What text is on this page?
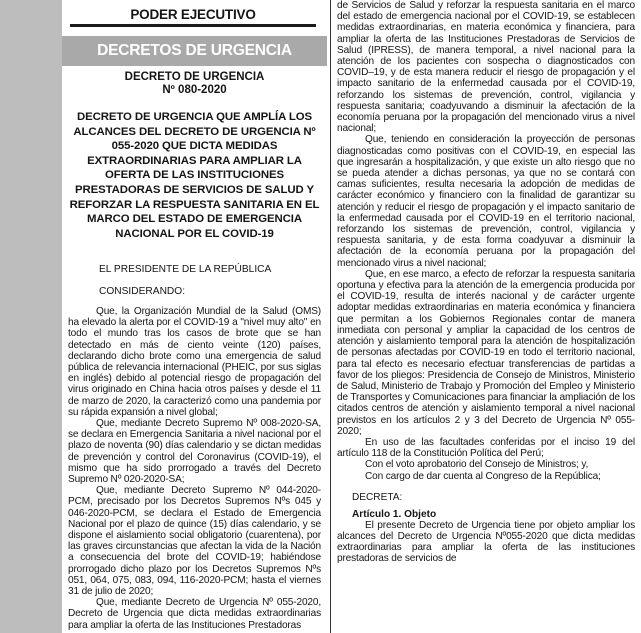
PODER EJECUTIVO
DECRETOS DE URGENCIA
DECRETO DE URGENCIA
Nº 080-2020
DECRETO DE URGENCIA QUE AMPLÍA LOS ALCANCES DEL DECRETO DE URGENCIA Nº 055-2020 QUE DICTA MEDIDAS EXTRAORDINARIAS PARA AMPLIAR LA OFERTA DE LAS INSTITUCIONES PRESTADORAS DE SERVICIOS DE SALUD Y REFORZAR LA RESPUESTA SANITARIA EN EL MARCO DEL ESTADO DE EMERGENCIA NACIONAL POR EL COVID-19
EL PRESIDENTE DE LA REPÚBLICA
CONSIDERANDO:

Que, la Organización Mundial de la Salud (OMS) ha elevado la alerta por el COVID-19 a "nivel muy alto" en todo el mundo tras los casos de brote que se han detectado en más de ciento veinte (120) países, declarando dicho brote como una emergencia de salud pública de relevancia internacional (PHEIC, por sus siglas en inglés) debido al potencial riesgo de propagación del virus originado en China hacia otros países y desde el 11 de marzo de 2020, la caracterizó como una pandemia por su rápida expansión a nivel global;

Que, mediante Decreto Supremo Nº 008-2020-SA, se declara en Emergencia Sanitaria a nivel nacional por el plazo de noventa (90) días calendario y se dictan medidas de prevención y control del Coronavirus (COVID-19), el mismo que ha sido prorrogado a través del Decreto Supremo Nº 020-2020-SA;

Que, mediante Decreto Supremo Nº 044-2020-PCM, precisado por los Decretos Supremos Nºs 045 y 046-2020-PCM, se declara el Estado de Emergencia Nacional por el plazo de quince (15) días calendario, y se dispone el aislamiento social obligatorio (cuarentena), por las graves circunstancias que afectan la vida de la Nación a consecuencia del brote del COVID-19; habiéndose prorrogado dicho plazo por los Decretos Supremos Nºs 051, 064, 075, 083, 094, 116-2020-PCM; hasta el viernes 31 de julio de 2020;

Que, mediante Decreto de Urgencia Nº 055-2020, Decreto de Urgencia que dicta medidas extraordinarias para ampliar la oferta de las Instituciones Prestadoras

de Servicios de Salud y reforzar la respuesta sanitaria en el marco del estado de emergencia nacional por el COVID-19, se establecen medidas extraordinarias, en materia económica y financiera, para ampliar la oferta de las Instituciones Prestadoras de Servicios de Salud (IPRESS), de manera temporal, a nivel nacional para la atención de los pacientes con sospecha o diagnosticados con COVID–19, y de esta manera reducir el riesgo de propagación y el impacto sanitario de la enfermedad causada por el COVID-19, reforzando los sistemas de prevención, control, vigilancia y respuesta sanitaria; coadyuvando a disminuir la afectación de la economía peruana por la propagación del mencionado virus a nivel nacional;

Que, teniendo en consideración la proyección de personas diagnosticadas como positivas con el COVID-19, en especial las que ingresarán a hospitalización, y que existe un alto riesgo que no se pueda atender a dichas personas, ya que no se contará con camas suficientes, resulta necesaria la adopción de medidas de carácter económico y financiero con la finalidad de garantizar su atención y reducir el riesgo de propagación y el impacto sanitario de la enfermedad causada por el COVID-19 en el territorio nacional, reforzando los sistemas de prevención, control, vigilancia y respuesta sanitaria, y de esta forma coadyuvar a disminuir la afectación de la economía peruana por la propagación del mencionado virus a nivel nacional;

Que, en ese marco, a efecto de reforzar la respuesta sanitaria oportuna y efectiva para la atención de la emergencia producida por el COVID-19, resulta de interés nacional y de carácter urgente adoptar medidas extraordinarias en materia económica y financiera que permitan a los Gobiernos Regionales contar de manera inmediata con personal y ampliar la capacidad de los centros de atención y aislamiento temporal para la atención de hospitalización de personas afectadas por COVID-19 en todo el territorio nacional, para tal efecto es necesario efectuar transferencias de partidas a favor de los pliegos: Presidencia de Consejo de Ministros, Ministerio de Salud, Ministerio de Trabajo y Promoción del Empleo y Ministerio de Transportes y Comunicaciones para financiar la ampliación de los citados centros de atención y aislamiento temporal a nivel nacional previstos en los artículos 2 y 3 del Decreto de Urgencia Nº 055-2020;

En uso de las facultades conferidas por el inciso 19 del artículo 118 de la Constitución Política del Perú;

Con el voto aprobatorio del Consejo de Ministros; y,

Con cargo de dar cuenta al Congreso de la República;

DECRETA:
Artículo 1. Objeto

El presente Decreto de Urgencia tiene por objeto ampliar los alcances del Decreto de Urgencia Nº055-2020 que dicta medidas extraordinarias para ampliar la oferta de las instituciones prestadoras de servicios de
